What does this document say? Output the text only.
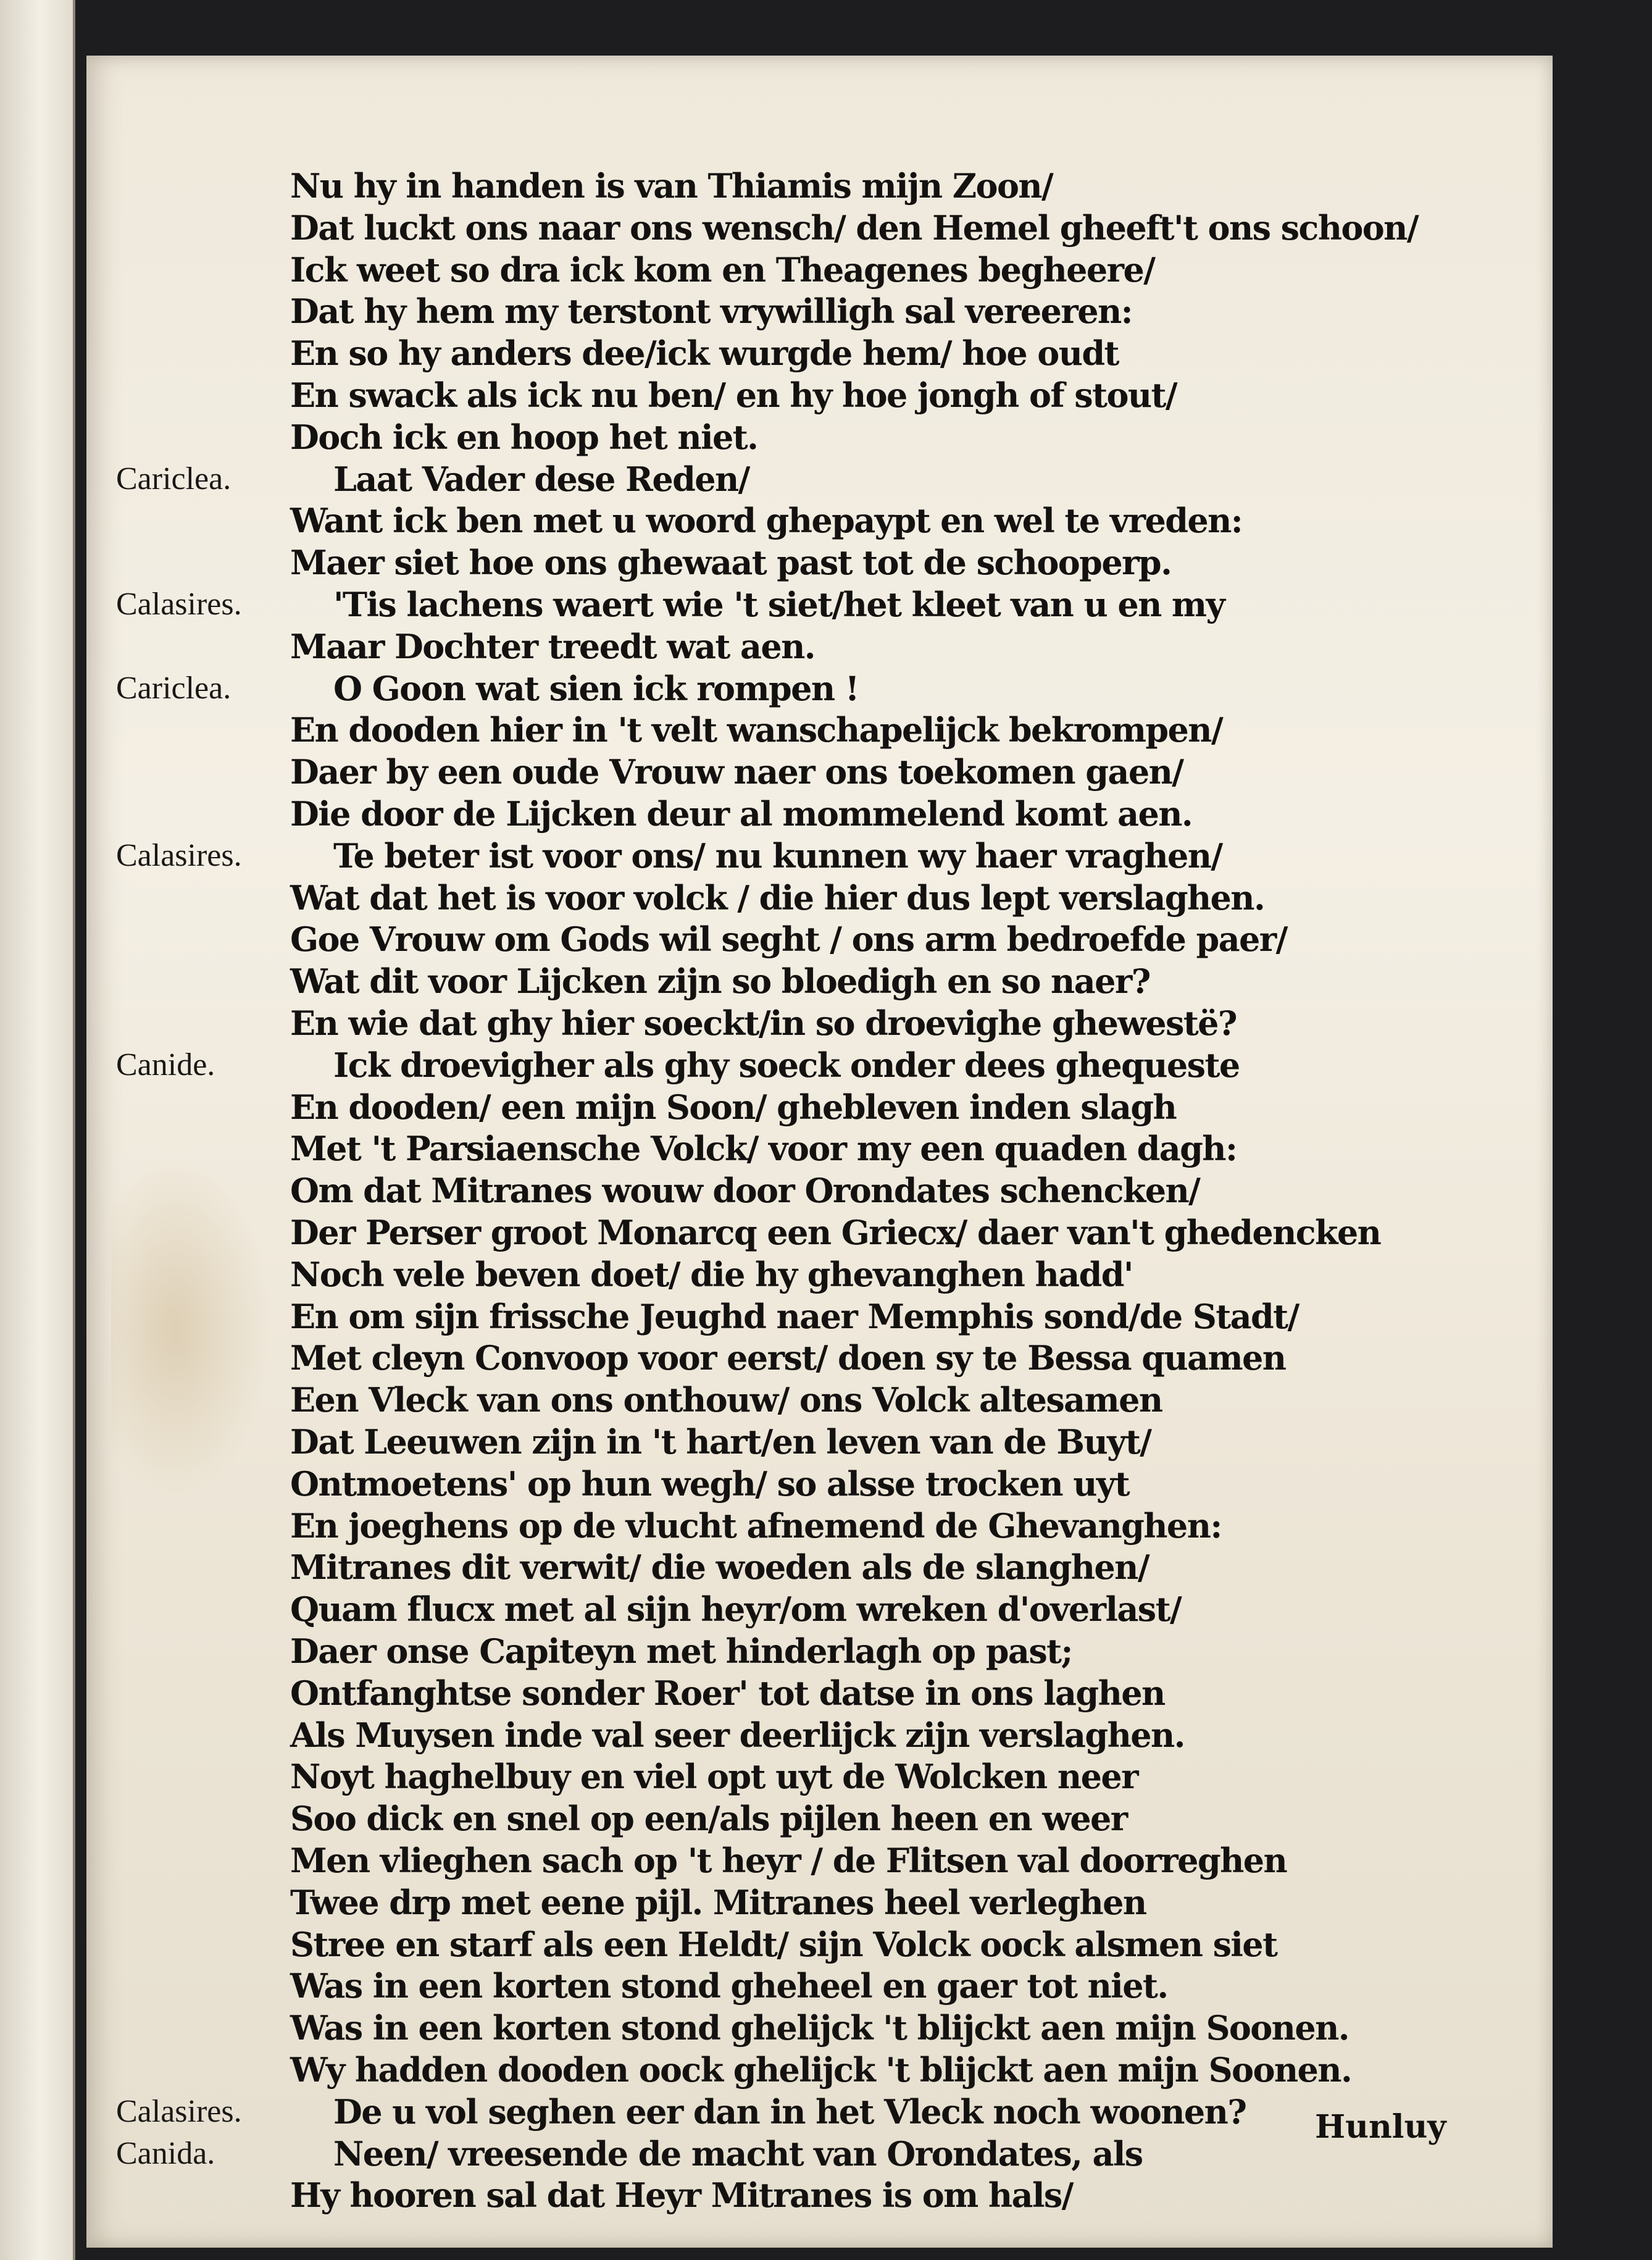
Nu hy in handen is van Thiamis mijn Zoon/
Dat luckt ons naar ons wensch/ den Hemel gheeft't ons schoon/
Ick weet so dra ick kom en Theagenes begheere/
Dat hy hem my terstont vrywilligh sal vereeren:
En so hy anders dee/ick wurgde hem/ hoe oudt
En swack als ick nu ben/ en hy hoe jongh of stout/
Doch ick en hoop het niet.
Cariclea.	Laat Vader dese Reden/
Want ick ben met u woord ghepaypt en wel te vreden:
Maer siet hoe ons ghewaat past tot de schooperp.
Calasires.	'Tis lachens waert wie 't siet/het kleet van u en my
Maar Dochter treedt wat aen.
Cariclea.	O Goon wat sien ick rompen !
En dooden hier in 't velt wanschapelijck bekrompen/
Daer by een oude Vrouw naer ons toekomen gaen/
Die door de Lijcken deur al mommelend komt aen.
Calasires.	Te beter ist voor ons/ nu kunnen wy haer vraghen/
Wat dat het is voor volck / die hier dus lept verslaghen.
Goe Vrouw om Gods wil seght / ons arm bedroefde paer/
Wat dit voor Lijcken zijn so bloedigh en so naer?
En wie dat ghy hier soeckt/in so droevighe ghewestë?
Canide.	Ick droevigher als ghy soeck onder dees ghequeste
En dooden/ een mijn Soon/ ghebleven inden slagh
Met 't Parsiaensche Volck/ voor my een quaden dagh:
Om dat Mitranes wouw door Orondates schencken/
Der Perser groot Monarcq een Griecx/ daer van't ghedencken
Noch vele beven doet/ die hy ghevanghen hadd'
En om sijn frissche Jeughd naer Memphis sond/de Stadt/
Met cleyn Convoop voor eerst/ doen sy te Bessa quamen
Een Vleck van ons onthouw/ ons Volck altesamen
Dat Leeuwen zijn in 't hart/en leven van de Buyt/
Ontmoetens' op hun wegh/ so alsse trocken uyt
En joeghens op de vlucht afnemend de Ghevanghen:
Mitranes dit verwit/ die woeden als de slanghen/
Quam flucx met al sijn heyr/om wreken d'overlast/
Daer onse Capiteyn met hinderlagh op past;
Ontfanghtse sonder Roer' tot datse in ons laghen
Als Muysen inde val seer deerlijck zijn verslaghen.
Noyt haghelbuy en viel opt uyt de Wolcken neer
Soo dick en snel op een/als pijlen heen en weer
Men vlieghen sach op 't heyr / de Flitsen val doorreghen
Twee drp met eene pijl. Mitranes heel verleghen
Stree en starf als een Heldt/ sijn Volck oock alsmen siet
Was in een korten stond gheheel en gaer tot niet.
Was in een korten stond ghelijck 't blijckt aen mijn Soonen.
Wy hadden dooden oock ghelijck 't blijckt aen mijn Soonen.
Calasires.	De u vol seghen eer dan in het Vleck noch woonen?
Canida.	Neen/ vreesende de macht van Orondates, als
Hy hooren sal dat Heyr Mitranes is om hals/
Hunluy
